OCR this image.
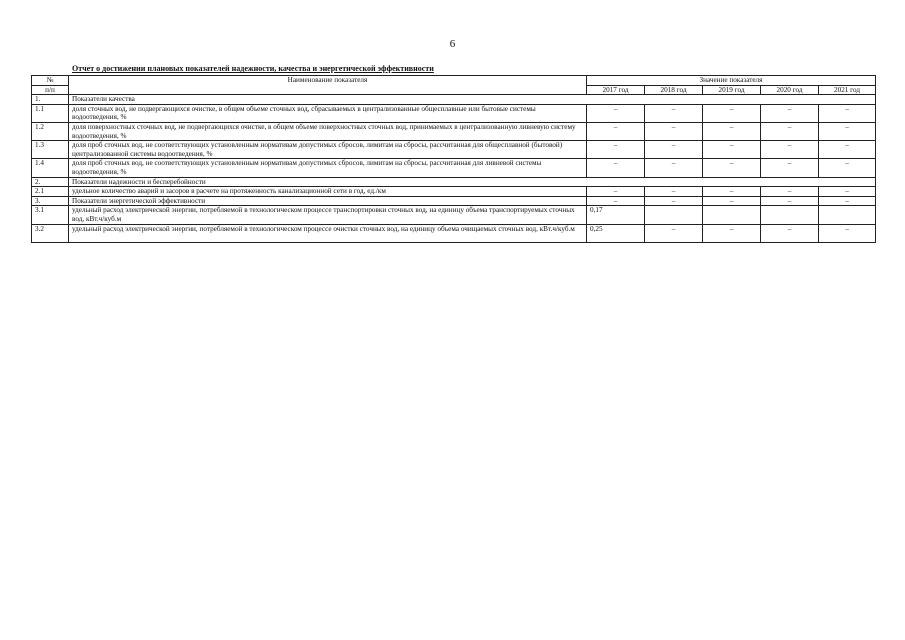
6
Отчет о достижении плановых показателей надежности, качества и энергетической эффективности
№	Наименование показателя	Значение показателя				
п/п		2017 год	2018 год	2019 год	2020 год	2021 год
1.	Показатели качества					
1.1	доля сточных вод, не подвергающихся очистке, в общем объеме сточных вод, сбрасываемых в централизованные общесплавные или бытовые системы водоотведения, %	–	–	–	–	–
1.2	доля поверхностных сточных вод, не подвергающихся очистке, в общем объеме поверхностных сточных вод, принимаемых в централизованную ливневую систему водоотведения, %	–	–	–	–	–
1.3	доля проб сточных вод, не соответствующих установленным нормативам допустимых сбросов, лимитам на сбросы, рассчитанная для общесплавной (бытовой) централизованной системы водоотведения, %	–	–	–	–	–
1.4	доля проб сточных вод, не соответствующих установленным нормативам допустимых сбросов, лимитам на сбросы, рассчитанная для ливневой системы водоотведения, %	–	–	–	–	–
2.	Показатели надежности и бесперебойности					
2.1	удельное количество аварий и засоров в расчете на протяженность канализационной сети в год, ед./км	–	–	–	–	–
3.	Показатели энергетической эффективности	–	–	–	–	–
3.1	удельный расход электрической энергии, потребляемой в технологическом процессе транспортировки сточных вод, на единицу объема транспортируемых сточных вод, кВт.ч/куб.м	0,17				
3.2	удельный расход электрической энергии, потребляемой в технологическом процессе очистки сточных вод, на единицу объема очищаемых сточных вод, кВт.ч/куб.м	0,25	–	–	–	–
